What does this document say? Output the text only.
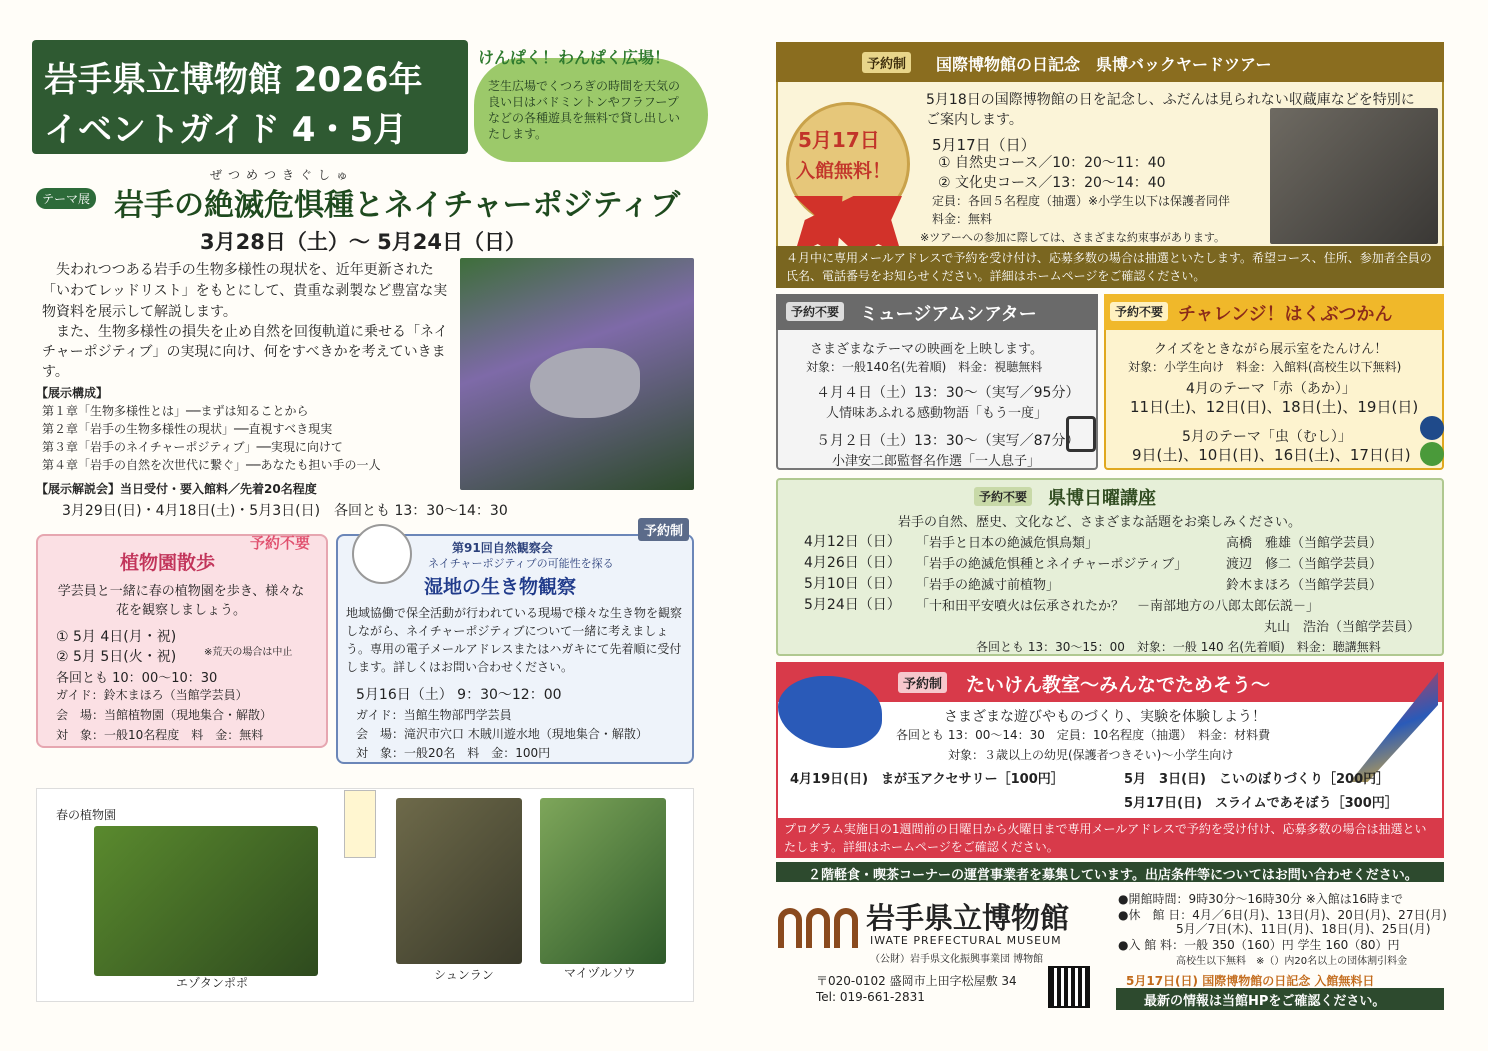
岩手県立博物館 2026年
イベントガイド 4・5月
けんぱく！わんぱく広場！
芝生広場でくつろぎの時間を天気の良い日はバドミントンやフラフープなどの各種遊具を無料で貸し出しいたします。
テーマ展
ぜつめつきぐしゅ
岩手の絶滅危惧種とネイチャーポジティブ
3月28日（土）～ 5月24日（日）
失われつつある岩手の生物多様性の現状を、近年更新された「いわてレッドリスト」をもとにして、貴重な剥製など豊富な実物資料を展示して解説します。
また、生物多様性の損失を止め自然を回復軌道に乗せる「ネイチャーポジティブ」の実現に向け、何をすべきかを考えていきます。
【展示構成】
第１章「生物多様性とは」──まずは知ることから
第２章「岩手の生物多様性の現状」──直視すべき現実
第３章「岩手のネイチャーポジティブ」──実現に向けて
第４章「岩手の自然を次世代に繋ぐ」──あなたも担い手の一人
【展示解説会】当日受付・要入館料／先着20名程度
3月29日(日)・4月18日(土)・5月3日(日)　各回とも 13：30～14：30
予約不要
植物園散歩
学芸員と一緒に春の植物園を歩き、様々な花を観察しましょう。
① 5月 4日(月・祝)
② 5月 5日(火・祝)	※荒天の場合は中止
各回とも 10：00～10：30
ガイド：鈴木まほろ（当館学芸員）
会　場：当館植物園（現地集合・解散）
対　象：一般10名程度　料　金：無料
予約制
第91回自然観察会
ネイチャーポジティブの可能性を探る
湿地の生き物観察
地域協働で保全活動が行われている現場で様々な生き物を観察しながら、ネイチャーポジティブについて一緒に考えましょう。専用の電子メールアドレスまたはハガキにて先着順に受付します。詳しくはお問い合わせください。
5月16日（土） 9：30～12：00
ガイド：当館生物部門学芸員
会　場：滝沢市穴口 木賊川遊水地（現地集合・解散）
対　象：一般20名　料　金：100円
春の植物園
エゾタンポポ
シュンラン	マイヅルソウ
予約制	国際博物館の日記念　県博バックヤードツアー
5月17日
入館無料！
5月18日の国際博物館の日を記念し、ふだんは見られない収蔵庫などを特別にご案内します。
5月17日（日）
① 自然史コース／10：20～11：40
② 文化史コース／13：20～14：40
定員：各回５名程度（抽選）※小学生以下は保護者同伴
料金：無料
※ツアーへの参加に際しては、さまざまな約束事があります。
４月中に専用メールアドレスで予約を受け付け、応募多数の場合は抽選といたします。希望コース、住所、参加者全員の氏名、電話番号をお知らせください。詳細はホームページをご確認ください。
予約不要 ミュージアムシアター
さまざまなテーマの映画を上映します。
対象：一般140名(先着順)　料金：視聴無料
４月４日（土）13：30～（実写／95分）
人情味あふれる感動物語「もう一度」
５月２日（土）13：30～（実写／87分）
小津安二郎監督名作選「一人息子」
予約不要 チャレンジ！はくぶつかん
クイズをときながら展示室をたんけん！
対象：小学生向け　料金：入館料(高校生以下無料)
4月のテーマ「赤（あか）」
11日(土)、12日(日)、18日(土)、19日(日)
5月のテーマ「虫（むし）」
9日(土)、10日(日)、16日(土)、17日(日)
予約不要 県博日曜講座
岩手の自然、歴史、文化など、さまざまな話題をお楽しみください。
4月12日（日） 「岩手と日本の絶滅危惧鳥類」	高橋　雅雄（当館学芸員）
4月26日（日） 「岩手の絶滅危惧種とネイチャーポジティブ」	渡辺　修二（当館学芸員）
5月10日（日） 「岩手の絶滅寸前植物」	鈴木まほろ（当館学芸員）
5月24日（日） 「十和田平安噴火は伝承されたか？　－南部地方の八郎太郎伝説－」
丸山　浩治（当館学芸員）
各回とも 13：30～15：00　対象：一般 140 名(先着順)　料金：聴講無料
予約制 たいけん教室～みんなでためそう～
さまざまな遊びやものづくり、実験を体験しよう！
各回とも 13：00～14：30　定員：10名程度（抽選）　料金：材料費
対象：３歳以上の幼児(保護者つきそい)～小学生向け
4月19日(日)　まが玉アクセサリー［100円］	5月　3日(日)　こいのぼりづくり［200円］
5月17日(日)　スライムであそぼう［300円］
プログラム実施日の1週間前の日曜日から火曜日まで専用メールアドレスで予約を受け付け、応募多数の場合は抽選といたします。詳細はホームページをご確認ください。
２階軽食・喫茶コーナーの運営事業者を募集しています。出店条件等についてはお問い合わせください。
岩手県立博物館
IWATE PREFECTURAL MUSEUM
（公財）岩手県文化振興事業団 博物館
〒020-0102 盛岡市上田字松屋敷 34
Tel: 019-661-2831
●開館時間：9時30分～16時30分 ※入館は16時まで
●休　館 日：4月／6日(月)、13日(月)、20日(月)、27日(月)
5月／7日(木)、11日(月)、18日(月)、25日(月)
●入 館 料：一般 350（160）円 学生 160（80）円
高校生以下無料　※（）内20名以上の団体割引料金
5月17日(日) 国際博物館の日記念 入館無料日
最新の情報は当館HPをご確認ください。
